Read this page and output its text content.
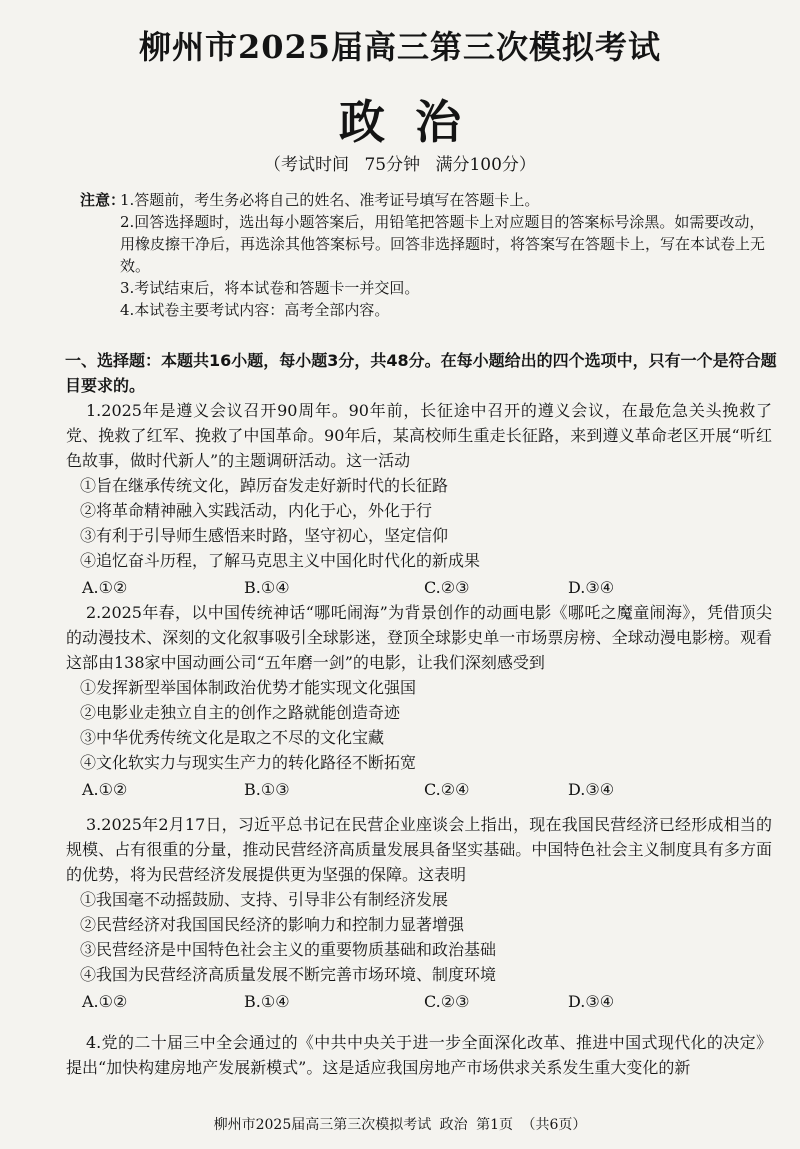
柳州市2025届高三第三次模拟考试
政治
（考试时间 75分钟 满分100分）
注意：
1.答题前，考生务必将自己的姓名、准考证号填写在答题卡上。
2.回答选择题时，选出每小题答案后，用铅笔把答题卡上对应题目的答案标号涂黑。如需要改动，用橡皮擦干净后，再选涂其他答案标号。回答非选择题时，将答案写在答题卡上，写在本试卷上无效。
3.考试结束后，将本试卷和答题卡一并交回。
4.本试卷主要考试内容：高考全部内容。
一、选择题：本题共16小题，每小题3分，共48分。在每小题给出的四个选项中，只有一个是符合题目要求的。
1.2025年是遵义会议召开90周年。90年前，长征途中召开的遵义会议，在最危急关头挽救了党、挽救了红军、挽救了中国革命。90年后，某高校师生重走长征路，来到遵义革命老区开展“听红色故事，做时代新人”的主题调研活动。这一活动
①旨在继承传统文化，踔厉奋发走好新时代的长征路
②将革命精神融入实践活动，内化于心，外化于行
③有利于引导师生感悟来时路，坚守初心，坚定信仰
④追忆奋斗历程，了解马克思主义中国化时代化的新成果
A.①②	B.①④	C.②③	D.③④
2.2025年春，以中国传统神话“哪吒闹海”为背景创作的动画电影《哪吒之魔童闹海》，凭借顶尖的动漫技术、深刻的文化叙事吸引全球影迷，登顶全球影史单一市场票房榜、全球动漫电影榜。观看这部由138家中国动画公司“五年磨一剑”的电影，让我们深刻感受到
①发挥新型举国体制政治优势才能实现文化强国
②电影业走独立自主的创作之路就能创造奇迹
③中华优秀传统文化是取之不尽的文化宝藏
④文化软实力与现实生产力的转化路径不断拓宽
A.①②	B.①③	C.②④	D.③④
3.2025年2月17日，习近平总书记在民营企业座谈会上指出，现在我国民营经济已经形成相当的规模、占有很重的分量，推动民营经济高质量发展具备坚实基础。中国特色社会主义制度具有多方面的优势，将为民营经济发展提供更为坚强的保障。这表明
①我国毫不动摇鼓励、支持、引导非公有制经济发展
②民营经济对我国国民经济的影响力和控制力显著增强
③民营经济是中国特色社会主义的重要物质基础和政治基础
④我国为民营经济高质量发展不断完善市场环境、制度环境
A.①②	B.①④	C.②③	D.③④
4.党的二十届三中全会通过的《中共中央关于进一步全面深化改革、推进中国式现代化的决定》提出“加快构建房地产发展新模式”。这是适应我国房地产市场供求关系发生重大变化的新
柳州市2025届高三第三次模拟考试 政治 第1页 （共6页）
